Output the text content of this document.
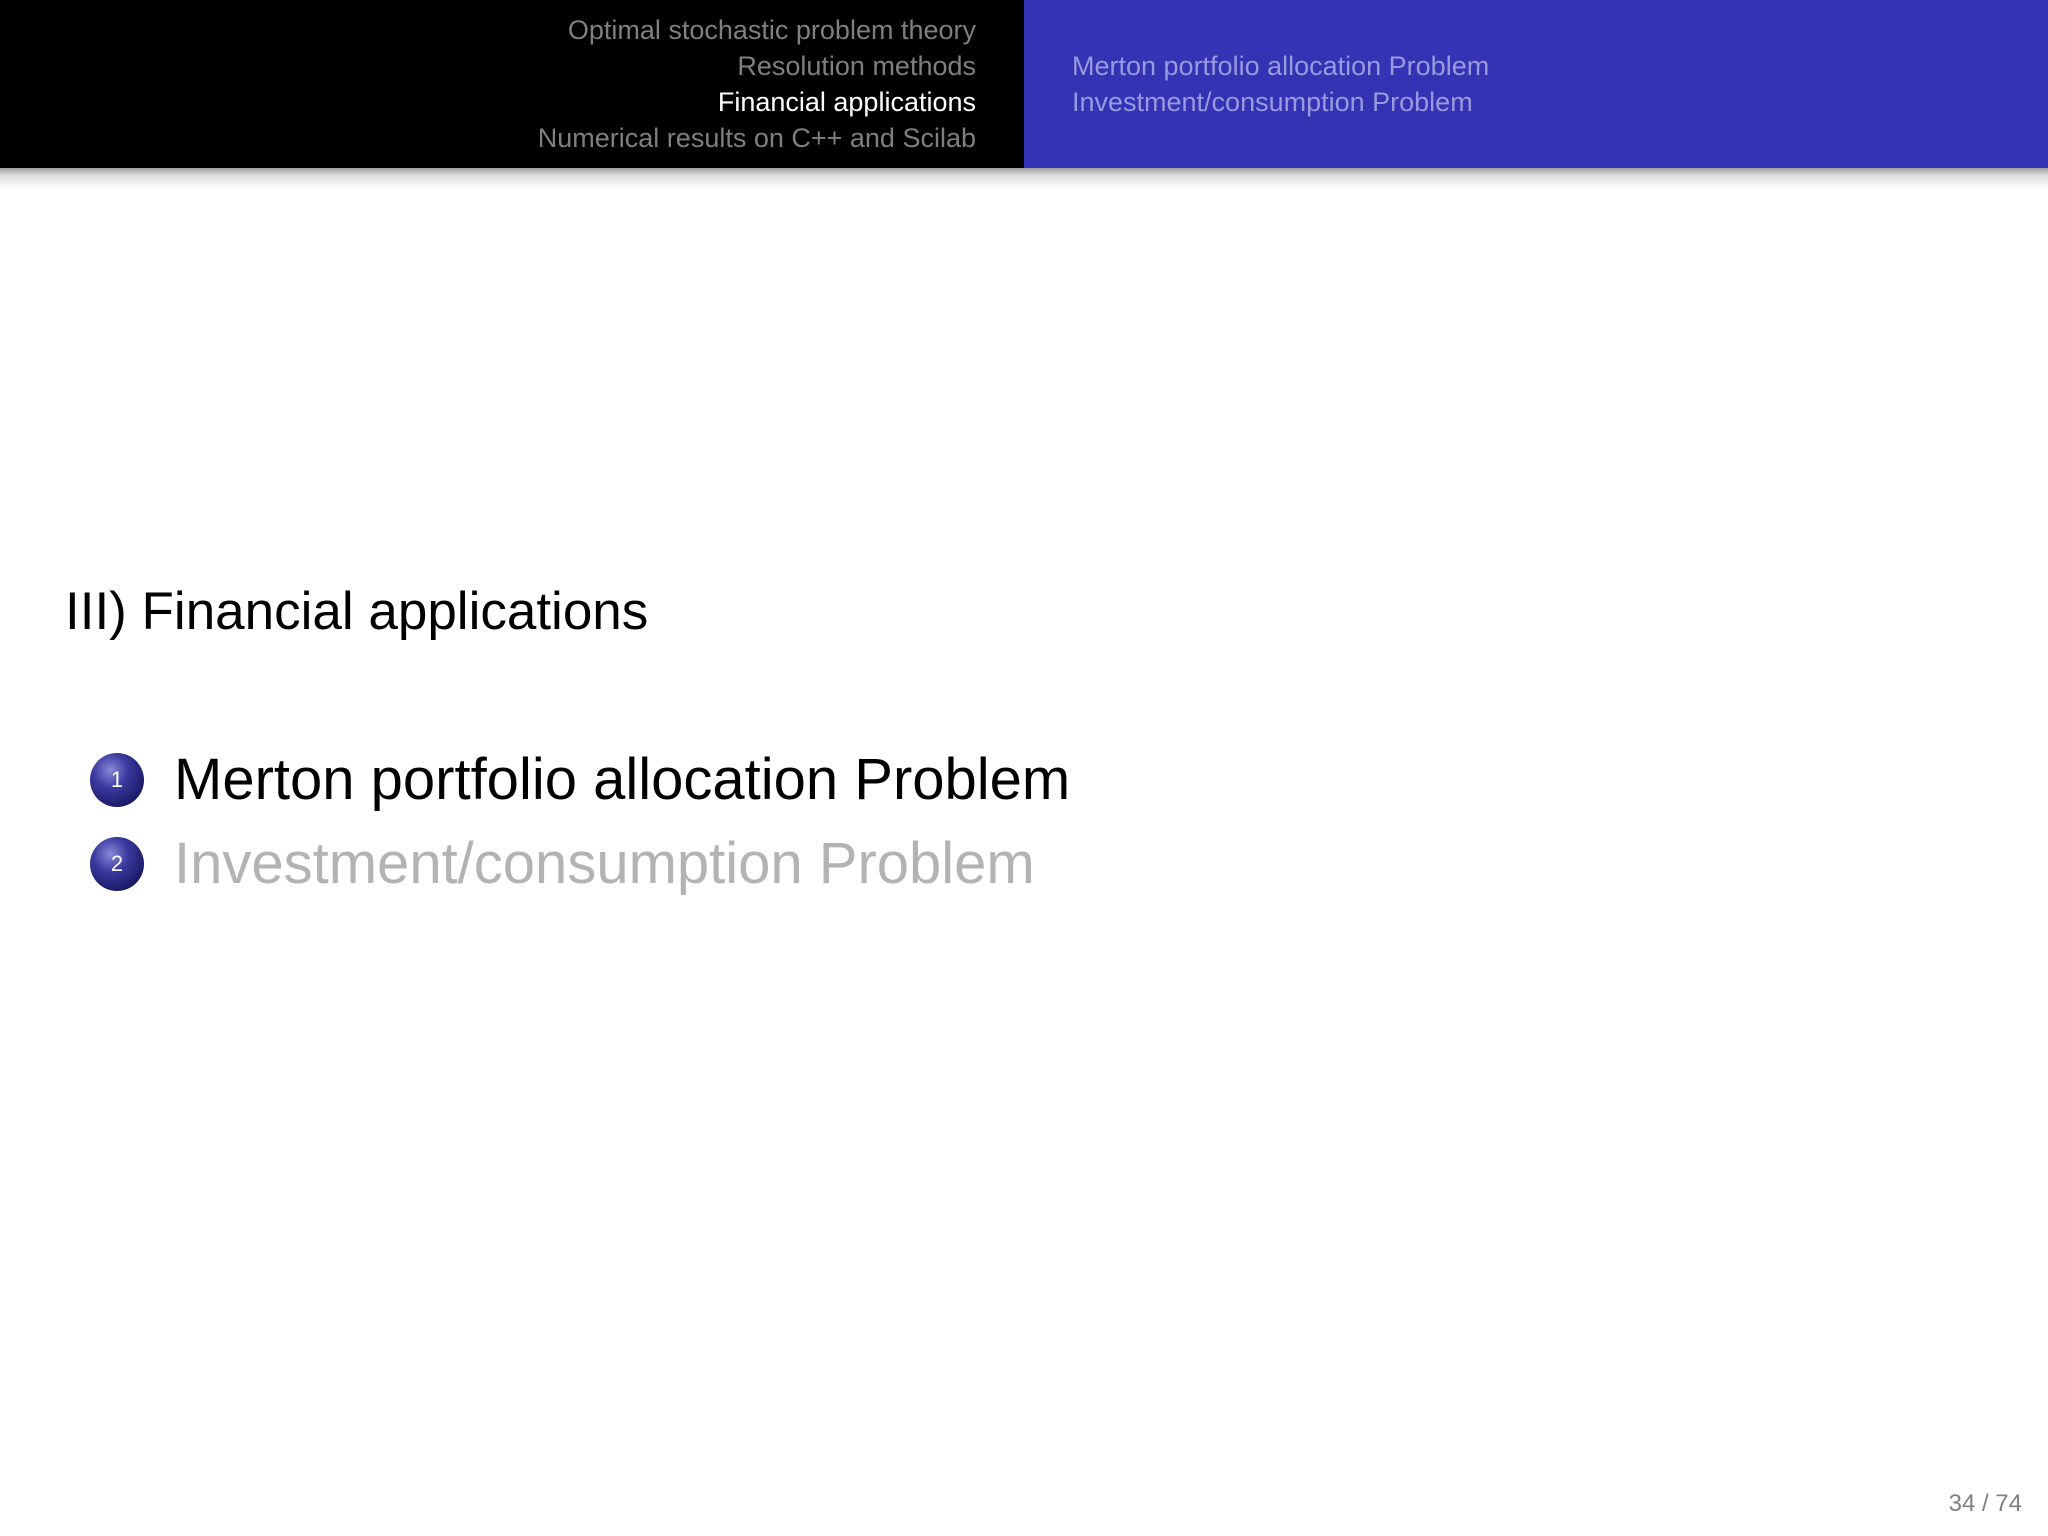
Optimal stochastic problem theory
Resolution methods
Financial applications
Numerical results on C++ and Scilab
Merton portfolio allocation Problem
Investment/consumption Problem
III) Financial applications
1 Merton portfolio allocation Problem
2 Investment/consumption Problem
34 / 74
